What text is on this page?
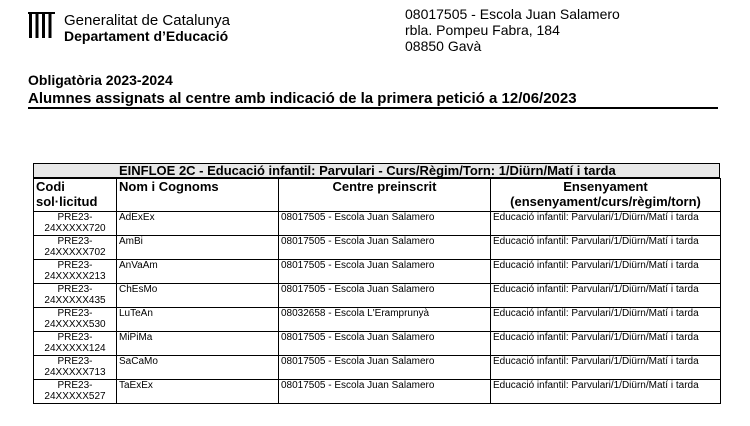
Generalitat de Catalunya
Departament d’Educació
08017505 - Escola Juan Salamero
rbla. Pompeu Fabra, 184
08850 Gavà
Obligatòria 2023-2024
Alumnes assignats al centre amb indicació de la primera petició a 12/06/2023
EINFLOE 2C - Educació infantil: Parvulari - Curs/Règim/Torn: 1/Diürn/Matí i tarda
Codi
sol·licitud	Nom i Cognoms	Centre preinscrit	Ensenyament
(ensenyament/curs/règim/torn)
PRE23-
24XXXXX720	AdExEx	08017505 - Escola Juan Salamero	Educació infantil: Parvulari/1/Diürn/Matí i tarda
PRE23-
24XXXXX702	AmBi	08017505 - Escola Juan Salamero	Educació infantil: Parvulari/1/Diürn/Matí i tarda
PRE23-
24XXXXX213	AnVaAm	08017505 - Escola Juan Salamero	Educació infantil: Parvulari/1/Diürn/Matí i tarda
PRE23-
24XXXXX435	ChEsMo	08017505 - Escola Juan Salamero	Educació infantil: Parvulari/1/Diürn/Matí i tarda
PRE23-
24XXXXX530	LuTeAn	08032658 - Escola L'Eramprunyà	Educació infantil: Parvulari/1/Diürn/Matí i tarda
PRE23-
24XXXXX124	MiPiMa	08017505 - Escola Juan Salamero	Educació infantil: Parvulari/1/Diürn/Matí i tarda
PRE23-
24XXXXX713	SaCaMo	08017505 - Escola Juan Salamero	Educació infantil: Parvulari/1/Diürn/Matí i tarda
PRE23-
24XXXXX527	TaExEx	08017505 - Escola Juan Salamero	Educació infantil: Parvulari/1/Diürn/Matí i tarda
